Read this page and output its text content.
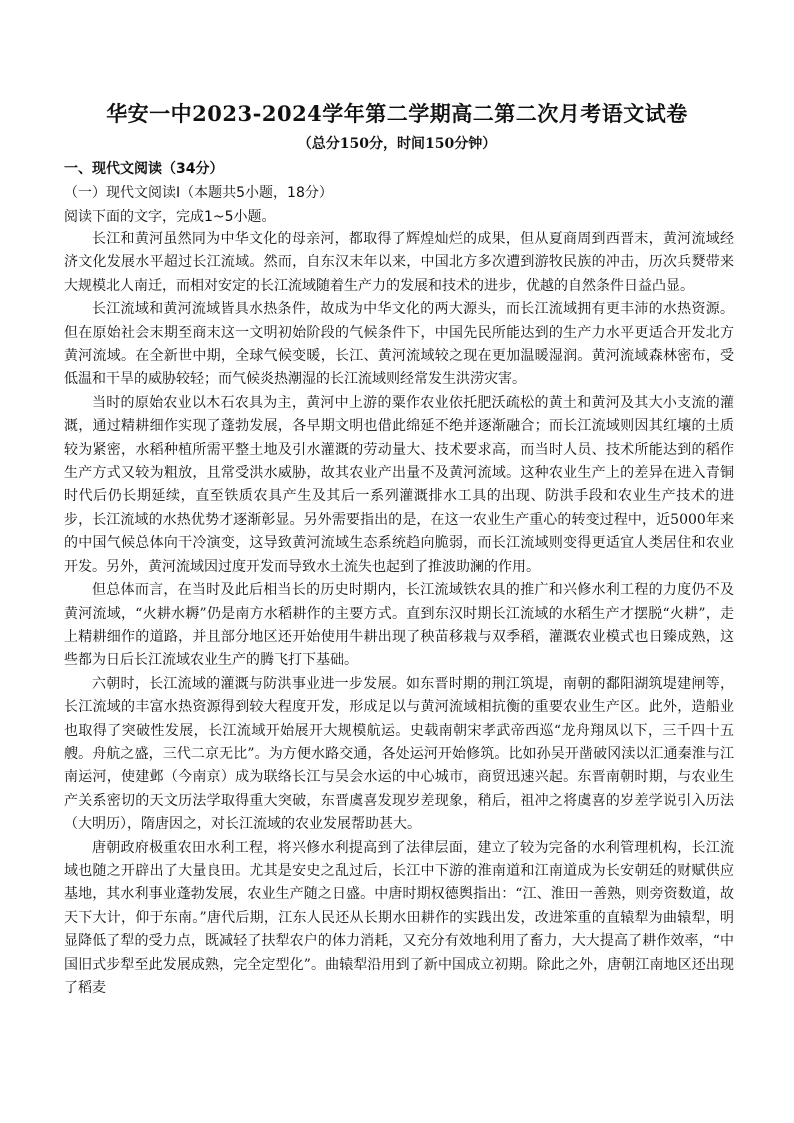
华安一中2023-2024学年第二学期高二第二次月考语文试卷
（总分150分，时间150分钟）
一、现代文阅读（34分）
（一）现代文阅读I（本题共5小题，18分）
阅读下面的文字，完成1~5小题。

长江和黄河虽然同为中华文化的母亲河，都取得了辉煌灿烂的成果，但从夏商周到西晋末，黄河流域经济文化发展水平超过长江流域。然而，自东汉末年以来，中国北方多次遭到游牧民族的冲击，历次兵燹带来大规模北人南迁，而相对安定的长江流域随着生产力的发展和技术的进步，优越的自然条件日益凸显。

长江流域和黄河流域皆具水热条件，故成为中华文化的两大源头，而长江流域拥有更丰沛的水热资源。但在原始社会末期至商末这一文明初始阶段的气候条件下，中国先民所能达到的生产力水平更适合开发北方黄河流域。在全新世中期，全球气候变暖，长江、黄河流域较之现在更加温暖湿润。黄河流域森林密布，受低温和干旱的威胁较轻；而气候炎热潮湿的长江流域则经常发生洪涝灾害。

当时的原始农业以木石农具为主，黄河中上游的粟作农业依托肥沃疏松的黄土和黄河及其大小支流的灌溉，通过精耕细作实现了蓬勃发展，各早期文明也借此绵延不绝并逐渐融合；而长江流域则因其红壤的土质较为紧密，水稻种植所需平整土地及引水灌溉的劳动量大、技术要求高，而当时人员、技术所能达到的稻作生产方式又较为粗放，且常受洪水威胁，故其农业产出量不及黄河流域。这种农业生产上的差异在进入青铜时代后仍长期延续，直至铁质农具产生及其后一系列灌溉排水工具的出现、防洪手段和农业生产技术的进步，长江流域的水热优势才逐渐彰显。另外需要指出的是，在这一农业生产重心的转变过程中，近5000年来的中国气候总体向干冷演变，这导致黄河流域生态系统趋向脆弱，而长江流域则变得更适宜人类居住和农业开发。另外，黄河流域因过度开发而导致水土流失也起到了推波助澜的作用。

但总体而言，在当时及此后相当长的历史时期内，长江流域铁农具的推广和兴修水利工程的力度仍不及黄河流域，“火耕水耨”仍是南方水稻耕作的主要方式。直到东汉时期长江流域的水稻生产才摆脱“火耕”，走上精耕细作的道路，并且部分地区还开始使用牛耕出现了秧苗移栽与双季稻，灌溉农业模式也日臻成熟，这些都为日后长江流域农业生产的腾飞打下基础。

六朝时，长江流域的灌溉与防洪事业进一步发展。如东晋时期的荆江筑堤，南朝的鄱阳湖筑堤建闸等，长江流域的丰富水热资源得到较大程度开发，形成足以与黄河流域相抗衡的重要农业生产区。此外，造船业也取得了突破性发展，长江流域开始展开大规模航运。史载南朝宋孝武帝西巡“龙舟翔凤以下，三千四十五艘。舟航之盛，三代二京无比”。为方便水路交通，各处运河开始修筑。比如孙吴开凿破冈渎以汇通秦淮与江南运河，使建邺（今南京）成为联络长江与吴会水运的中心城市，商贸迅速兴起。东晋南朝时期，与农业生产关系密切的天文历法学取得重大突破，东晋虞喜发现岁差现象，稍后，祖冲之将虞喜的岁差学说引入历法（大明历），隋唐因之，对长江流域的农业发展帮助甚大。

唐朝政府极重农田水利工程，将兴修水利提高到了法律层面，建立了较为完备的水利管理机构，长江流域也随之开辟出了大量良田。尤其是安史之乱过后，长江中下游的淮南道和江南道成为长安朝廷的财赋供应基地，其水利事业蓬勃发展，农业生产随之日盛。中唐时期权德舆指出：“江、淮田一善熟，则旁资数道，故天下大计，仰于东南。”唐代后期，江东人民还从长期水田耕作的实践出发，改进笨重的直辕犁为曲辕犁，明显降低了犁的受力点，既减轻了扶犁农户的体力消耗，又充分有效地利用了畜力，大大提高了耕作效率，“中国旧式步犁至此发展成熟，完全定型化”。曲辕犁沿用到了新中国成立初期。除此之外，唐朝江南地区还出现了稻麦
